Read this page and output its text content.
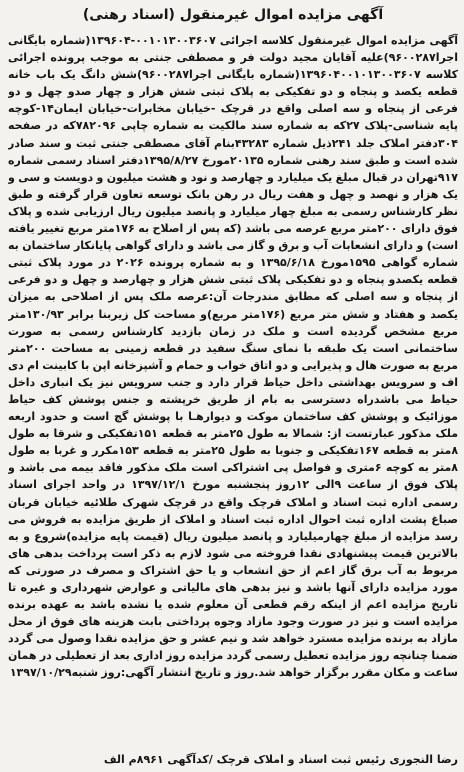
آگهی مزایده اموال غیرمنقول (اسناد رهنی)

آگهی مزایده اموال غیرمنقول کلاسه اجرائی ۰۰۱۰۱۳۰۰۳۶۰۷-۱۳۹۶۰۴(شماره بایگانی اجرا۹۶۰۰۲۸۷)علیه آقایان مجید دولت فر و مصطفی جنتی به موجب پرونده اجرائی کلاسه ۱۳۹۶۰۴۰۰۱۰۱۳۰۰۳۶۰۷(شماره بایگانی اجرا۹۶۰۰۲۸۷)شش دانگ یک باب خانه قطعه یکصد و پنجاه و دو تفکیکی به پلاک ثبتی شش هزار و چهار صدو چهل و دو فرعی از پنجاه و سه اصلی واقع در قرچک -خیابان مخابرات-خیابان ایمان۱۴-کوچه پایه شناسی-پلاک ۲۷که به شماره سند مالکیت به شماره چاپی ۷۸۲۰۹۶که در صفحه ۳۰۴دفتر املاک جلد ۲۴۱ذیل شماره ۴۳۲۸۳بنام آقای مصطفی جنتی ثبت و سند صادر شده است و طبق سند رهنی شماره ۲۰۱۳۵مورخ ۱۳۹۵/۸/۲۷دفتر اسناد رسمی شماره ۹۱۷تهران در قبال مبلغ یک میلیارد و چهارصد و نود و هشت میلیون و دویست و سی و یک هزار و نهصد و چهل و هفت ریال در رهن بانک توسعه تعاون قرار گرفته و طبق نظر کارشناس رسمی به مبلغ چهار میلیارد و پانصد میلیون ریال ارزیابی شده و پلاک فوق دارای ۲۰۰متر مربع عرصه می باشد (که پس از اصلاح به ۱۷۶متر مربع تغییر یافته است) و دارای انشعابات آب و برق و گاز می باشد و دارای گواهی پایانکار ساختمان به شماره گواهی ۱۵۹۵مورخ ۱۳۹۵/۶/۱۸ و به شماره پرونده ۲۰۲۶ در مورد پلاک ثبتی قطعه یکصدو پنجاه و دو تفکیکی پلاک ثبتی شش هزار و چهارصد و چهل و دو فرعی از پنجاه و سه اصلی که مطابق مندرجات آن:عرصه ملک پس از اصلاحی به میزان یکصد و هفتاد و شش متر مربع (۱۷۶متر مربع)و مساحت کل زیربنا برابر ۱۳۰/۹۳متر مربع مشخص گردیده است و ملک در زمان بازدید کارشناس رسمی به صورت ساختمانی است یک طبقه با نمای سنگ سفید در قطعه زمینی به مساحت ۲۰۰متر مربع به صورت هال و پذیرایی و دو اتاق خواب و حمام و آشپزخانه اپن با کابینت ام دی اف و سرویس بهداشتی داخل حیاط قرار دارد و جنب سرویس نیز یک انباری داخل حیاط می باشدراه دسترسی به بام از طریق خرپشته و جنس پوشش کف حیاط موزائیک و پوشش کف ساختمان موکت و دیوارهـا با پوشش گچ است و حدود اربعه ملک مذکور عبارتست از: شمالا به طول ۲۵متر به قطعه ۱۵۱تفکیکی و شرقا به طول ۸متر به قطعه ۱۶۷تفکیکی و جنوبا به طول ۲۵متر به قطعه ۱۵۳مکرر و غربا به طول ۸متر به کوچه ۶متری و فواصل پی اشتراکی است ملک مذکور فاقد بیمه می باشد و پلاک فوق از ساعت ۹الی ۱۲روز پنجشنبه مورخ ۱۳۹۷/۱۲/۱ در واحد اجرای اسناد رسمی اداره ثبت اسناد و املاک قرچک واقع در قرچک شهرک طلائیه خیابان قربان صباغ پشت اداره ثبت احوال اداره ثبت اسناد و املاک از طریق مزایده به فروش می رسد مزایده از مبلغ چهارمیلیارد و پانصد میلیون ریال (قیمت پایه مزایده)شروع و به بالاترین قیمت پیشنهادی نقدا فروخته می شود لازم به ذکر است پرداخت بدهی های مربوط به آب برق گاز اعم از حق انشعاب و یا حق اشتراک و مصرف در صورتی که مورد مزایده دارای آنها باشد و نیز بدهی های مالیاتی و عوارض شهرداری و غیره تا تاریخ مزایده اعم از اینکه رقم قطعی آن معلوم شده یا نشده باشد به عهده برنده مزایده است و نیز در صورت وجود مازاد وجوه پرداختی بابت هزینه های فوق از محل مازاد به برنده مزایده مسترد خواهد شد و نیم عشر و حق مزایده نقدا وصول می گردد ضمنا چنانچه روز مزایده تعطیل رسمی گردد مزایده روز اداری بعد از تعطیلی در همان ساعت و مکان مقرر برگزار خواهد شد.روز و تاریخ انتشار آگهی:روز شنبه۱۳۹۷/۱۰/۲۹

رضا النجوری رئیس ثبت اسناد و املاک قرچک /کدآگهی ۸۹۶۱م الف
